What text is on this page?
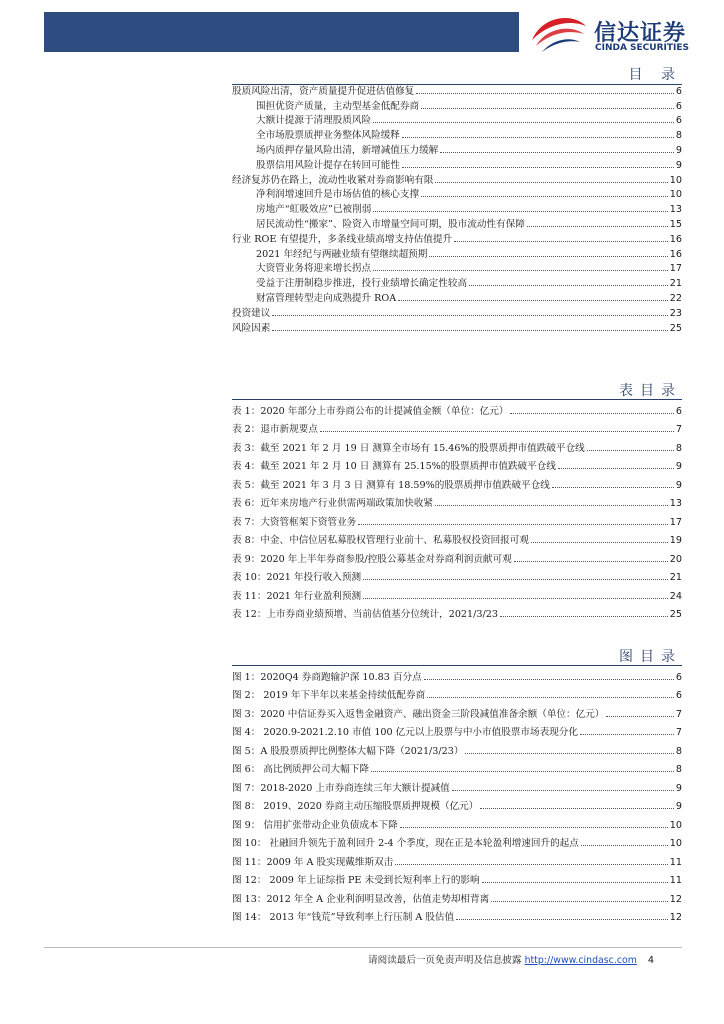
信达证券
CINDA SECURITIES
目 录
股质风险出清，资产质量提升促进估值修复	6
围担优资产质量，主动型基金低配券商	6
大额计提源于清理股质风险	6
全市场股票质押业务整体风险缓释	8
场内质押存量风险出清，新增减值压力缓解	9
股票信用风险计提存在转回可能性	9
经济复苏仍在路上，流动性收紧对券商影响有限	10
净利润增速回升是市场估值的核心支撑	10
房地产“虹吸效应”已被削弱	13
居民流动性“搬家”、险资入市增量空间可期，股市流动性有保障	15
行业 ROE 有望提升，多条线业绩高增支持估值提升	16
2021 年经纪与两融业绩有望继续超预期	16
大资管业务将迎来增长拐点	17
受益于注册制稳步推进，投行业绩增长确定性较高	21
财富管理转型走向成熟提升 ROA	22
投资建议	23
风险因素	25
表目录
表 1：2020 年部分上市券商公布的计提减值金额（单位：亿元）	6
表 2：退市新规要点	7
表 3：截至 2021 年 2 月 19 日 测算全市场有 15.46%的股票质押市值跌破平仓线	8
表 4：截至 2021 年 2 月 10 日 测算有 25.15%的股票质押市值跌破平仓线	9
表 5：截至 2021 年 3 月 3 日 测算有 18.59%的股票质押市值跌破平仓线	9
表 6：近年来房地产行业供需两端政策加快收紧	13
表 7：大资管框架下资管业务	17
表 8：中金、中信位居私募股权管理行业前十、私募股权投资回报可观	19
表 9：2020 年上半年券商参股/控股公募基金对券商利润贡献可观	20
表 10：2021 年投行收入预测	21
表 11：2021 年行业盈利预测	24
表 12：上市券商业绩预增、当前估值基分位统计，2021/3/23	25
图目录
图 1：2020Q4 券商跑输沪深 10.83 百分点	6
图 2： 2019 年下半年以来基金持续低配券商	6
图 3：2020 中信证券买入返售金融资产、融出资金三阶段减值准备余额（单位：亿元）	7
图 4： 2020.9-2021.2.10 市值 100 亿元以上股票与中小市值股票市场表现分化	7
图 5：A 股股票质押比例整体大幅下降（2021/3/23）	8
图 6： 高比例质押公司大幅下降	8
图 7：2018-2020 上市券商连续三年大额计提减值	9
图 8： 2019、2020 券商主动压缩股票质押规模（亿元）	9
图 9： 信用扩张带动企业负债成本下降	10
图 10： 社融回升领先于盈利回升 2-4 个季度，现在正是本轮盈利增速回升的起点	10
图 11：2009 年 A 股实现戴维斯双击	11
图 12： 2009 年上证综指 PE 未受到长短利率上行的影响	11
图 13：2012 年全 A 企业利润明显改善，估值走势却相背离	12
图 14： 2013 年“钱荒”导致利率上行压制 A 股估值	12
请阅读最后一页免责声明及信息披露 http://www.cindasc.com 4
